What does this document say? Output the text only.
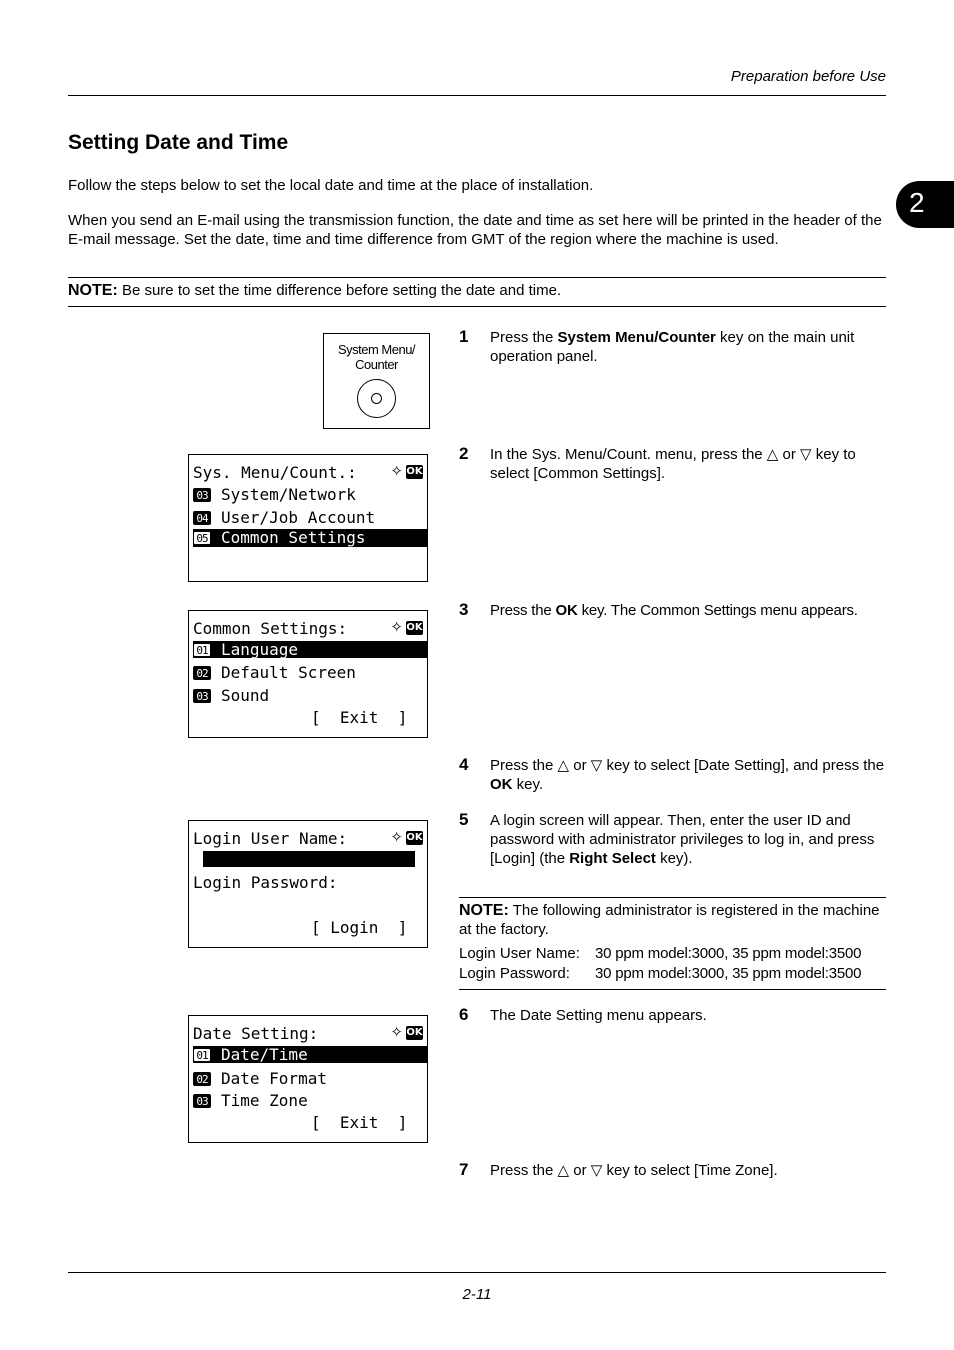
Preparation before Use
2
Setting Date and Time
Follow the steps below to set the local date and time at the place of installation.
When you send an E-mail using the transmission function, the date and time as set here will be printed in the header of the E-mail message. Set the date, time and time difference from GMT of the region where the machine is used.
NOTE: Be sure to set the time difference before setting the date and time.
System Menu/ Counter
1 Press the System Menu/Counter key on the main unit operation panel.
Sys. Menu/Count.:	✧ OK
03 System/Network
04 User/Job Account
05 Common Settings
2 In the Sys. Menu/Count. menu, press the △ or ▽ key to select [Common Settings].
Common Settings:	✧ OK
01 Language
02 Default Screen
03 Sound
[  Exit  ]
3 Press the OK key. The Common Settings menu appears.
4 Press the △ or ▽ key to select [Date Setting], and press the OK key.
Login User Name:	✧ OK
Login Password:
[ Login  ]
5 A login screen will appear. Then, enter the user ID and password with administrator privileges to log in, and press [Login] (the Right Select key).
NOTE: The following administrator is registered in the machine at the factory.
Login User Name: 30 ppm model:3000, 35 ppm model:3500
Login Password: 30 ppm model:3000, 35 ppm model:3500
Date Setting:	✧ OK
01 Date/Time
02 Date Format
03 Time Zone
[  Exit  ]
6 The Date Setting menu appears.
7 Press the △ or ▽ key to select [Time Zone].
2-11
